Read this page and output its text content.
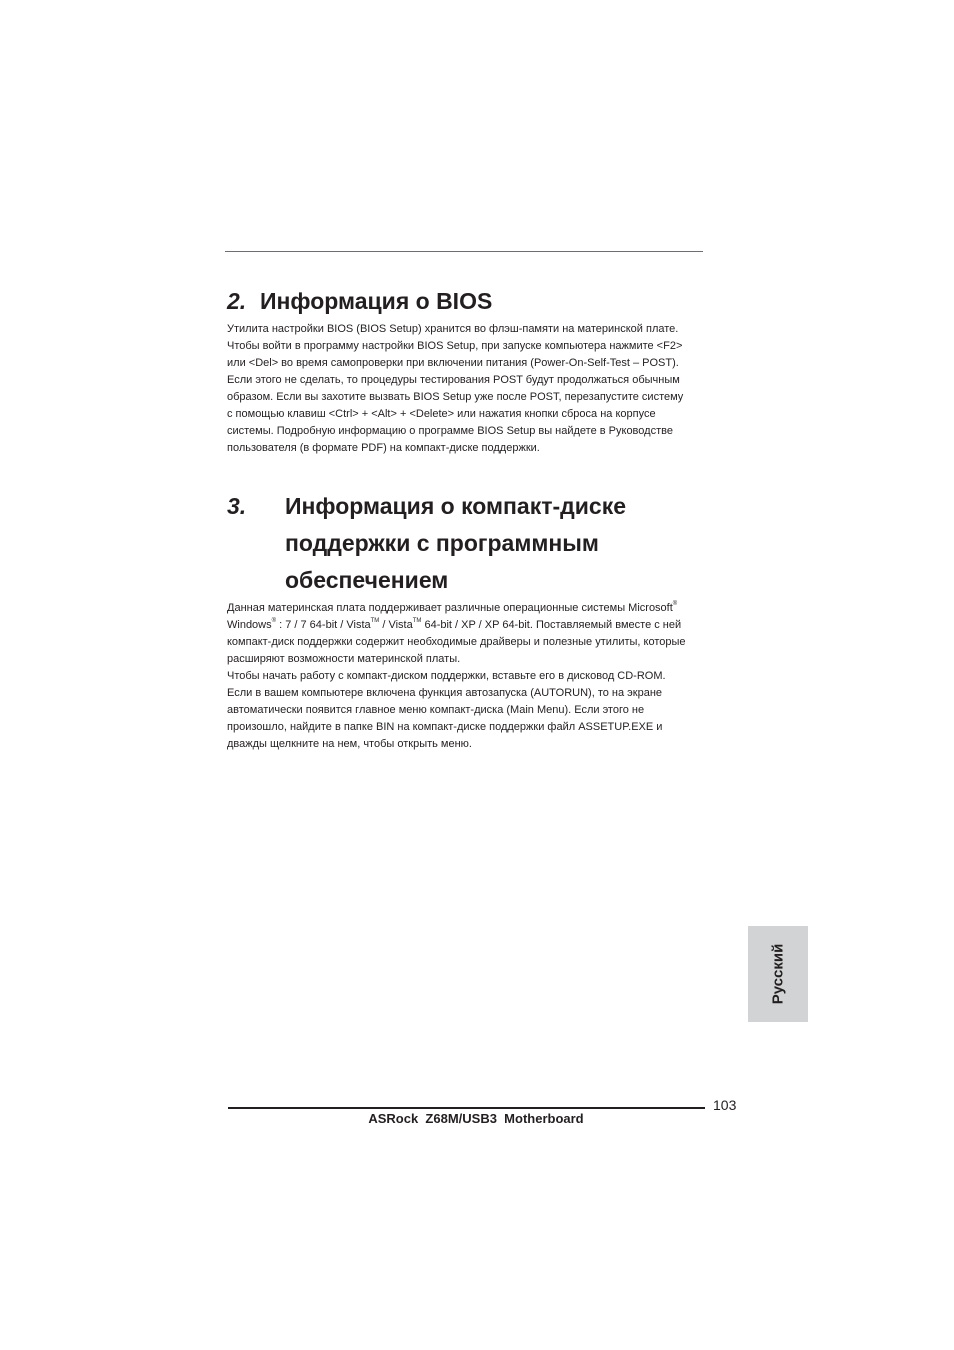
2. Информация о BIOS

Утилита настройки BIOS (BIOS Setup) хранится во флэш-памяти на материнской плате.
Чтобы войти в программу настройки BIOS Setup, при запуске компьютера нажмите <F2>
или <Del> во время самопроверки при включении питания (Power-On-Self-Test – POST).
Если этого не сделать, то процедуры тестирования POST будут продолжаться обычным
образом. Если вы захотите вызвать BIOS Setup уже после POST, перезапустите систему
с помощью клавиш <Ctrl> + <Alt> + <Delete> или нажатия кнопки сброса на корпусе
системы. Подробную информацию о программе BIOS Setup вы найдете в Руководстве
пользователя (в формате PDF) на компакт-диске поддержки.

3. Информация о компакт-диске
поддержки с программным
обеспечением

Данная материнская плата поддерживает различные операционные системы Microsoft®
Windows® : 7 / 7 64-bit / Vista™ / Vista™ 64-bit / XP / XP 64-bit. Поставляемый вместе с ней
компакт-диск поддержки содержит необходимые драйверы и полезные утилиты, которые
расширяют возможности материнской платы.

Чтобы начать работу с компакт-диском поддержки, вставьте его в дисковод CD-ROM.
Если в вашем компьютере включена функция автозапуска (AUTORUN), то на экране
автоматически появится главное меню компакт-диска (Main Menu). Если этого не
произошло, найдите в папке BIN на компакт-диске поддержки файл ASSETUP.EXE и
дважды щелкните на нем, чтобы открыть меню.

Русский
103
ASRock  Z68M/USB3  Motherboard
